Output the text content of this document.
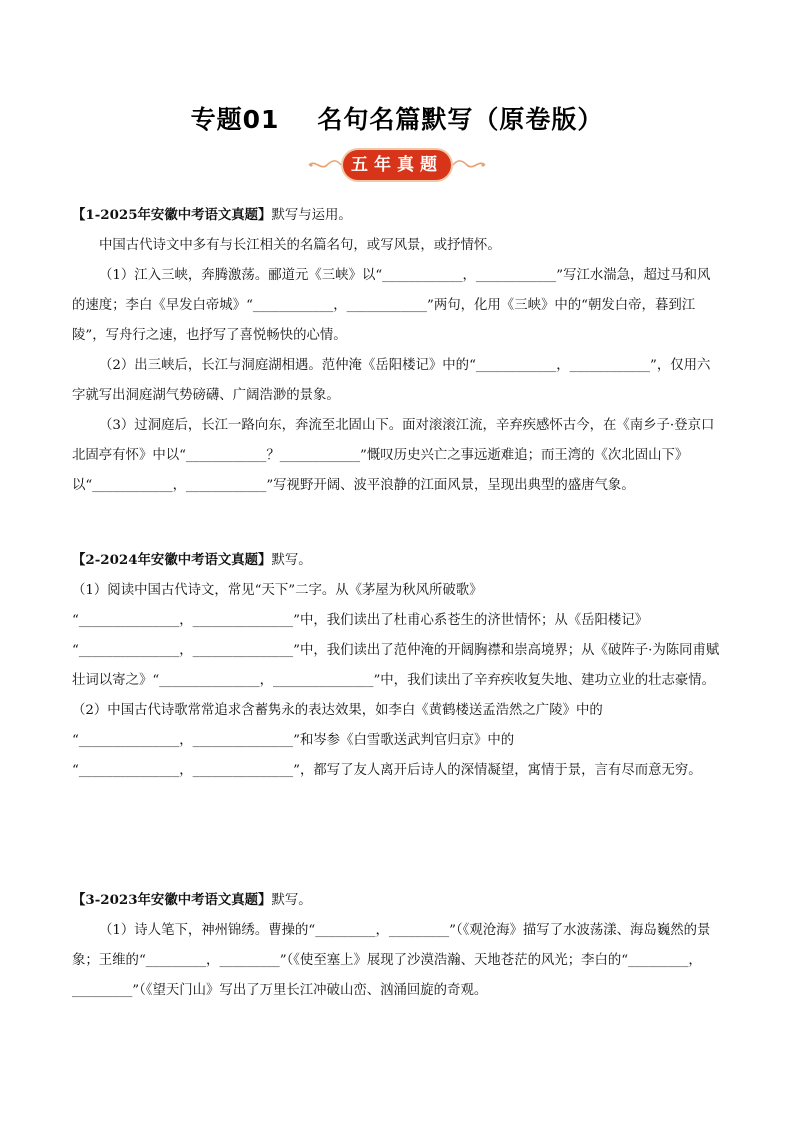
专题01 名句名篇默写（原卷版）
五年真题

【1-2025年安徽中考语文真题】默写与运用。

中国古代诗文中多有与长江相关的名篇名句，或写风景，或抒情怀。

（1）江入三峡，奔腾激荡。郦道元《三峡》以“____________，____________”写江水湍急，超过马和风的速度；李白《早发白帝城》“____________，____________”两句，化用《三峡》中的“朝发白帝，暮到江陵”，写舟行之速，也抒写了喜悦畅快的心情。

（2）出三峡后，长江与洞庭湖相遇。范仲淹《岳阳楼记》中的“____________，____________”，仅用六字就写出洞庭湖气势磅礴、广阔浩渺的景象。

（3）过洞庭后，长江一路向东，奔流至北固山下。面对滚滚江流，辛弃疾感怀古今，在《南乡子·登京口北固亭有怀》中以“____________？____________”慨叹历史兴亡之事远逝难追；而王湾的《次北固山下》以“____________，____________”写视野开阔、波平浪静的江面风景，呈现出典型的盛唐气象。

【2-2024年安徽中考语文真题】默写。

（1）阅读中国古代诗文，常见“天下”二字。从《茅屋为秋风所破歌》

“_______________，_______________”中，我们读出了杜甫心系苍生的济世情怀；从《岳阳楼记》

“_______________，_______________”中，我们读出了范仲淹的开阔胸襟和崇高境界；从《破阵子·为陈同甫赋壮词以寄之》“_______________，_______________”中，我们读出了辛弃疾收复失地、建功立业的壮志豪情。

（2）中国古代诗歌常常追求含蓄隽永的表达效果，如李白《黄鹤楼送孟浩然之广陵》中的

“_______________，_______________”和岑参《白雪歌送武判官归京》中的

“_______________，_______________”，都写了友人离开后诗人的深情凝望，寓情于景，言有尽而意无穷。

【3-2023年安徽中考语文真题】默写。

（1）诗人笔下，神州锦绣。曹操的“_________，_________”（《观沧海》描写了水波荡漾、海岛巍然的景象；王维的“_________，_________”（《使至塞上》展现了沙漠浩瀚、天地苍茫的风光；李白的“_________，_________”（《望天门山》写出了万里长江冲破山峦、汹涌回旋的奇观。
